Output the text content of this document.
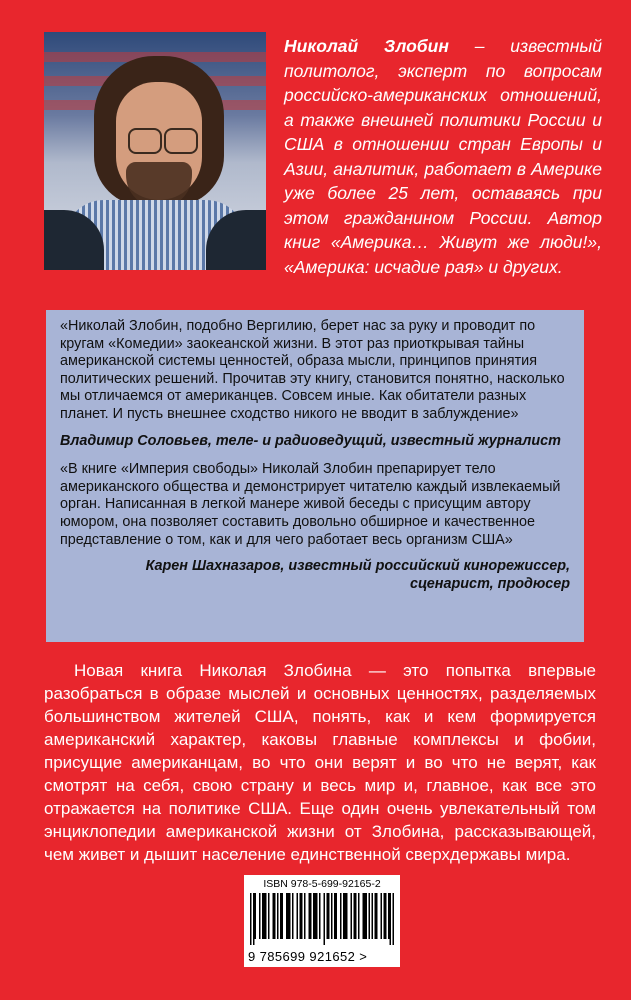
Николай Злобин – известный политолог, эксперт по вопросам российско-американских отношений, а также внешней политики России и США в отношении стран Европы и Азии, аналитик, работает в Америке уже более 25 лет, оставаясь при этом гражданином России. Автор книг «Америка… Живут же люди!», «Америка: исчадие рая» и других.

«Николай Злобин, подобно Вергилию, берет нас за руку и проводит по кругам «Комедии» заокеанской жизни. В этот раз приоткрывая тайны американской системы ценностей, образа мысли, принципов принятия политических решений. Прочитав эту книгу, становится понятно, насколько мы отличаемся от американцев. Совсем иные. Как обитатели разных планет. И пусть внешнее сходство никого не вводит в заблуждение»

Владимир Соловьев, теле- и радиоведущий, известный журналист

«В книге «Империя свободы» Николай Злобин препарирует тело американского общества и демонстрирует читателю каждый извлекаемый орган. Написанная в легкой манере живой беседы с присущим автору юмором, она позволяет составить довольно обширное и качественное представление о том, как и для чего работает весь организм США»

Карен Шахназаров, известный российский кинорежиссер,

сценарист, продюсер

Новая книга Николая Злобина — это попытка впервые разобраться в образе мыслей и основных ценностях, разделяемых большинством жителей США, понять, как и кем формируется американский характер, каковы главные комплексы и фобии, присущие американцам, во что они верят и во что не верят, как смотрят на себя, свою страну и весь мир и, главное, как все это отражается на политике США. Еще один очень увлекательный том энциклопедии американской жизни от Злобина, рассказывающей, чем живет и дышит население единственной сверхдержавы мира.

ISBN 978-5-699-92165-2
9 785699 921652 >
